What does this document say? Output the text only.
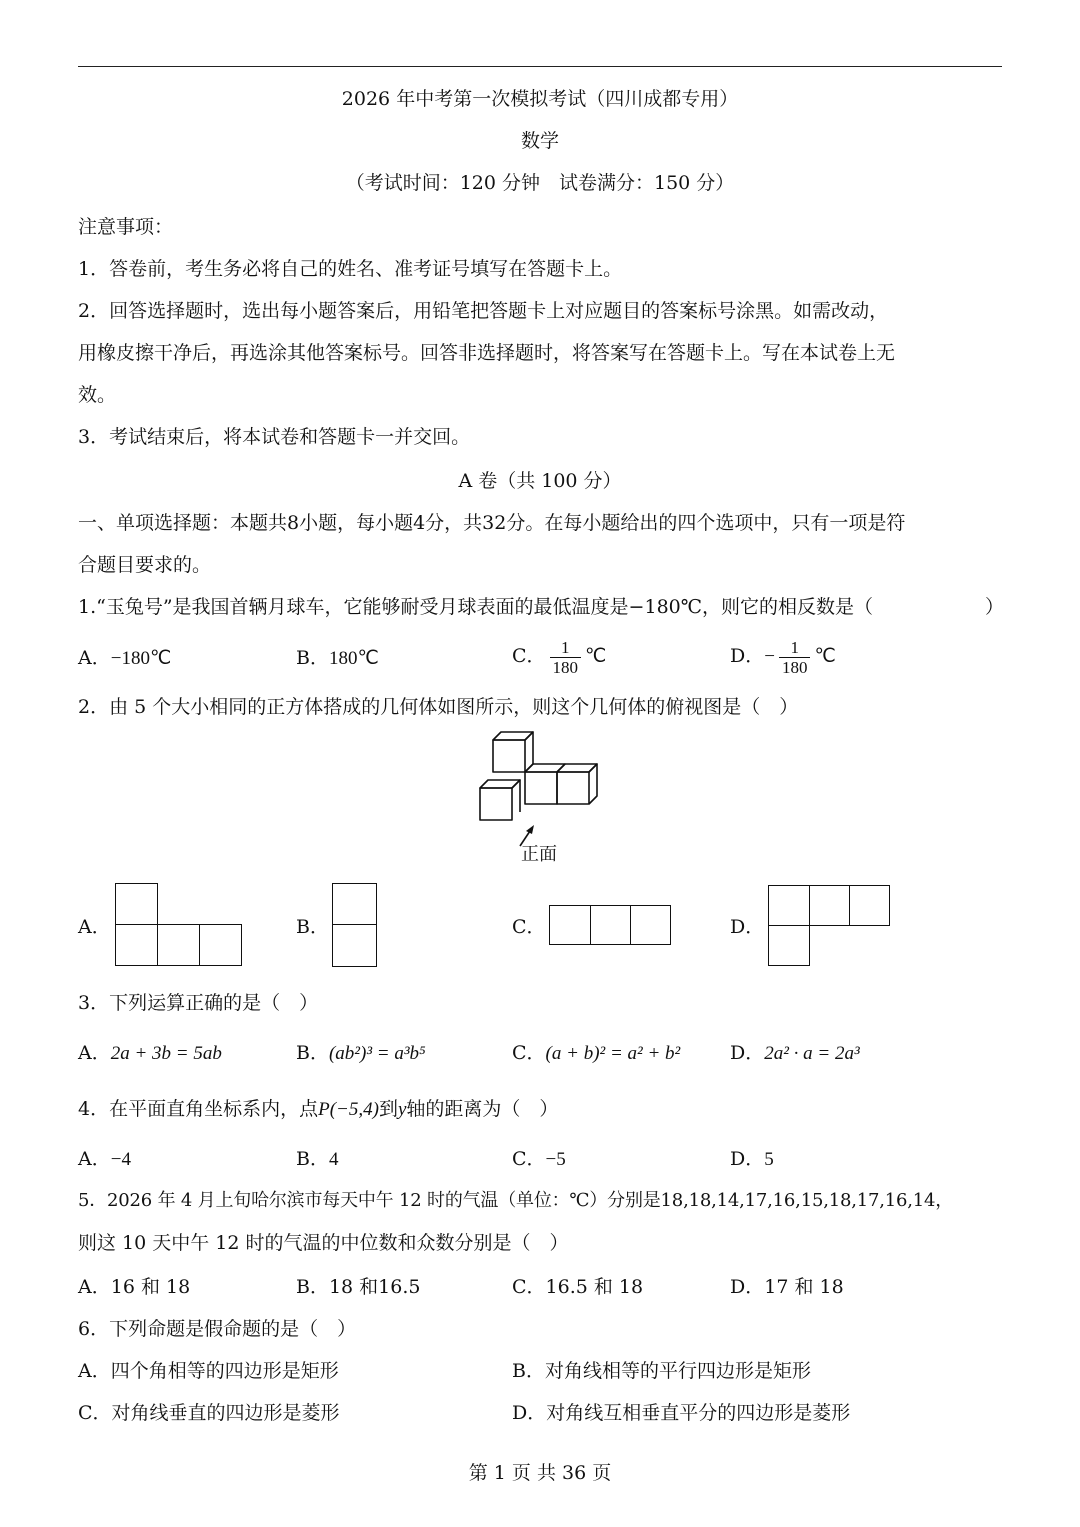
2026 年中考第一次模拟考试（四川成都专用）
数学
（考试时间：120 分钟　试卷满分：150 分）
注意事项：
1．答卷前，考生务必将自己的姓名、准考证号填写在答题卡上。
2．回答选择题时，选出每小题答案后，用铅笔把答题卡上对应题目的答案标号涂黑。如需改动，
用橡皮擦干净后，再选涂其他答案标号。回答非选择题时，将答案写在答题卡上。写在本试卷上无
效。
3．考试结束后，将本试卷和答题卡一并交回。
A 卷（共 100 分）
一、单项选择题：本题共8小题，每小题4分，共32分。在每小题给出的四个选项中，只有一项是符
合题目要求的。
1.“玉兔号”是我国首辆月球车，它能够耐受月球表面的最低温度是−180℃，则它的相反数是（	）
A．−180℃	B．180℃	C． $\frac{1}{180}$ ℃	D．− $\frac{1}{180}$ ℃
2．由 5 个大小相同的正方体搭成的几何体如图所示，则这个几何体的俯视图是（　）
正面
A．	B．	C．	D．
3．下列运算正确的是（　）
A．2a + 3b = 5ab	B．(ab²)³ = a³b⁵	C．(a + b)² = a² + b²	D．2a² · a = 2a³
4．在平面直角坐标系内，点P(−5,4)到y轴的距离为（　）
A．−4	B．4	C．−5	D．5
5．2026 年 4 月上旬哈尔滨市每天中午 12 时的气温（单位：℃）分别是18,18,14,17,16,15,18,17,16,14，
则这 10 天中午 12 时的气温的中位数和众数分别是（　）
A．16 和 18	B．18 和16.5	C．16.5 和 18	D．17 和 18
6．下列命题是假命题的是（　）
A．四个角相等的四边形是矩形	B．对角线相等的平行四边形是矩形
C．对角线垂直的四边形是菱形	D．对角线互相垂直平分的四边形是菱形
第 1 页 共 36 页
